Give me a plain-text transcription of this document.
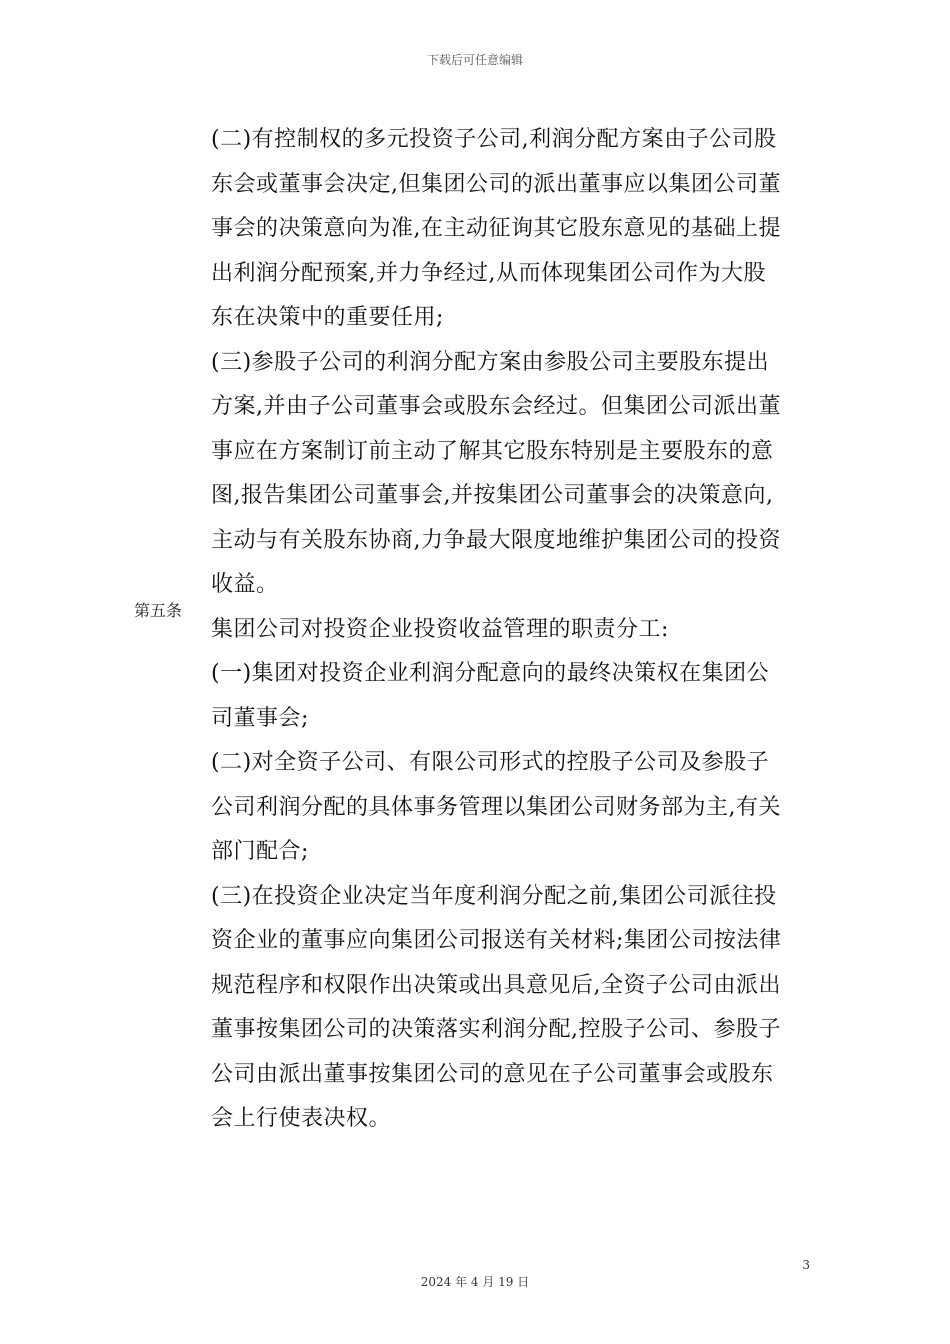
下载后可任意编辑
第五条
(二)有控制权的多元投资子公司,利润分配方案由子公司股
东会或董事会决定,但集团公司的派出董事应以集团公司董
事会的决策意向为准,在主动征询其它股东意见的基础上提
出利润分配预案,并力争经过,从而体现集团公司作为大股
东在决策中的重要任用;
(三)参股子公司的利润分配方案由参股公司主要股东提出
方案,并由子公司董事会或股东会经过。但集团公司派出董
事应在方案制订前主动了解其它股东特别是主要股东的意
图,报告集团公司董事会,并按集团公司董事会的决策意向,
主动与有关股东协商,力争最大限度地维护集团公司的投资
收益。
集团公司对投资企业投资收益管理的职责分工:
(一)集团对投资企业利润分配意向的最终决策权在集团公
司董事会;
(二)对全资子公司、有限公司形式的控股子公司及参股子
公司利润分配的具体事务管理以集团公司财务部为主,有关
部门配合;
(三)在投资企业决定当年度利润分配之前,集团公司派往投
资企业的董事应向集团公司报送有关材料;集团公司按法律
规范程序和权限作出决策或出具意见后,全资子公司由派出
董事按集团公司的决策落实利润分配,控股子公司、参股子
公司由派出董事按集团公司的意见在子公司董事会或股东
会上行使表决权。
3
2024 年 4 月 19 日
